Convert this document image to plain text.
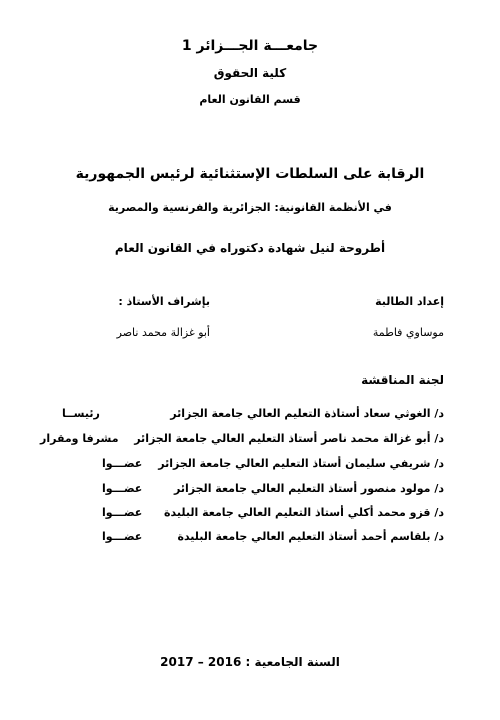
جامعـــة الجـــزائر 1
كلية الحقوق
قسم القانون العام
الرقابة على السلطات الإستثنائية لرئيس الجمهورية
في الأنظمة القانونية: الجزائرية والفرنسية والمصرية
أطروحة لنيل شهادة دكتوراه في القانون العام
إعداد الطالبة
بإشراف الأستاذ :
موساوي فاطمة
أبو غزالة محمد ناصر
لجنة المناقشة
د/ الغوثي سعاد أستاذة التعليم العالي جامعة الجزائر
رئيســا
د/ أبو غزالة محمد ناصر أستاذ التعليم العالي جامعة الجزائر
مشرفا ومقرار
د/ شريفي سليمان أستاذ التعليم العالي جامعة الجزائر
عضـــوا
د/ مولود منصور أستاذ التعليم العالي جامعة الجزائر
عضـــوا
د/ قزو محمد أكلي أستاذ التعليم العالي جامعة البليدة
عضـــوا
د/ بلقاسم أحمد أستاذ التعليم العالي جامعة البليدة
عضـــوا
السنة الجامعية : 2016 – 2017
